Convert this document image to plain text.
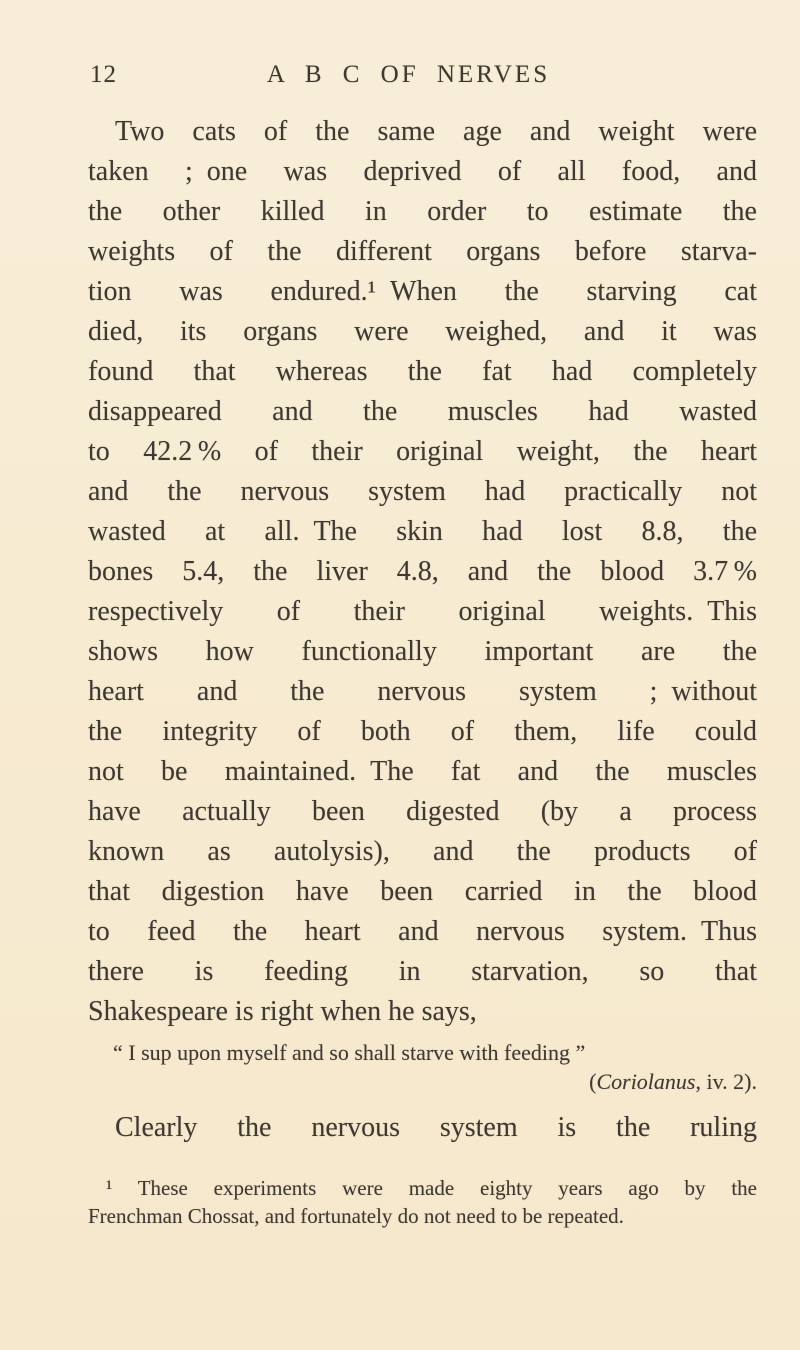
12	A B C OF NERVES
Two cats of the same age and weight were
taken ; one was deprived of all food, and
the other killed in order to estimate the
weights of the different organs before starva-
tion was endured.¹ When the starving cat
died, its organs were weighed, and it was
found that whereas the fat had completely
disappeared and the muscles had wasted
to 42.2 % of their original weight, the heart
and the nervous system had practically not
wasted at all. The skin had lost 8.8, the
bones 5.4, the liver 4.8, and the blood 3.7 %
respectively of their original weights. This
shows how functionally important are the
heart and the nervous system ; without
the integrity of both of them, life could
not be maintained. The fat and the muscles
have actually been digested (by a process
known as autolysis), and the products of
that digestion have been carried in the blood
to feed the heart and nervous system. Thus
there is feeding in starvation, so that
Shakespeare is right when he says,
“ I sup upon myself and so shall starve with feeding ”
(Coriolanus, iv. 2).
Clearly the nervous system is the ruling
¹ These experiments were made eighty years ago by the
Frenchman Chossat, and fortunately do not need to be repeated.
